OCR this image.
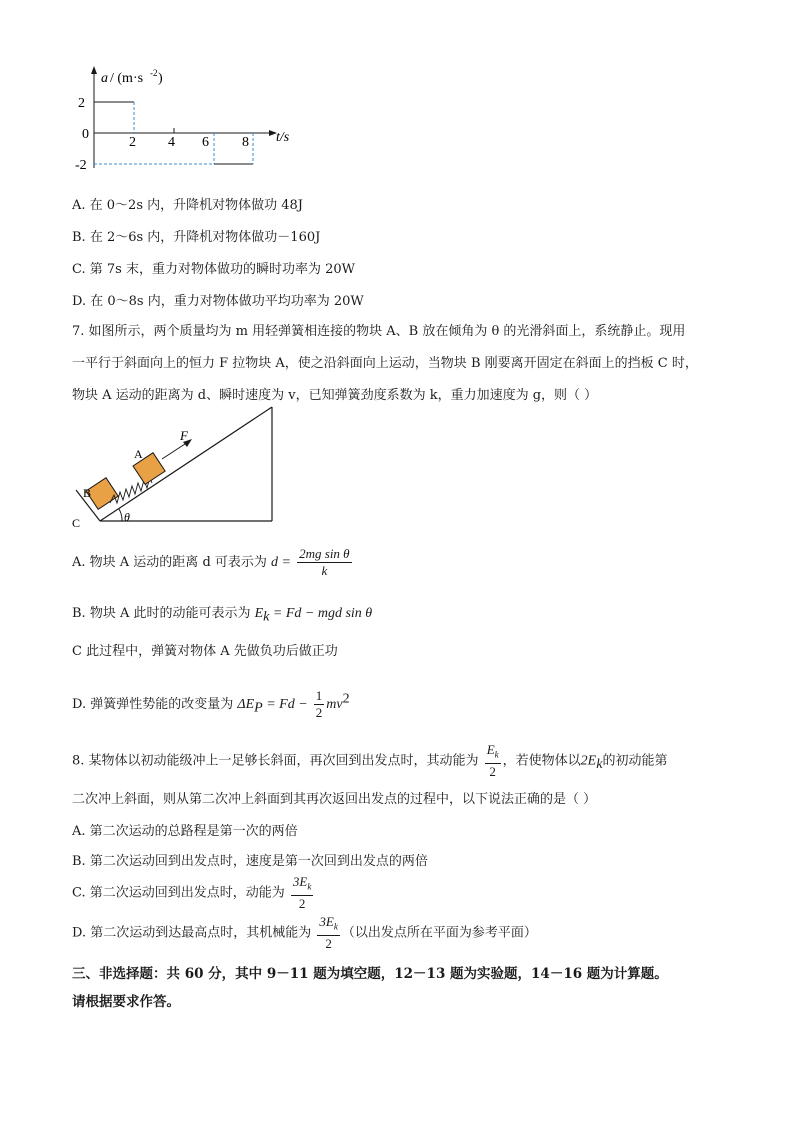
a / (m·s -2 )
2
0
-2
2 4 6 8 t/s
A. 在 0～2s 内，升降机对物体做功 48J
B. 在 2～6s 内，升降机对物体做功－160J
C. 第 7s 末，重力对物体做功的瞬时功率为 20W
D. 在 0～8s 内，重力对物体做功平均功率为 20W
7. 如图所示，两个质量均为 m 用轻弹簧相连接的物块 A、B 放在倾角为 θ 的光滑斜面上，系统静止。现用
一平行于斜面向上的恒力 F 拉物块 A，使之沿斜面向上运动，当物块 B 刚要离开固定在斜面上的挡板 C 时，
物块 A 运动的距离为 d、瞬时速度为 v，已知弹簧劲度系数为 k，重力加速度为 g，则（ ）
F
A
B
C	θ
A. 物块 A 运动的距离 d 可表示为 $d = \frac{\text{2mg sin θ}}{k}$
B. 物块 A 此时的动能可表示为 $E_k = Fd$ − mgd sin θ
C 此过程中，弹簧对物体 A 先做负功后做正功
D. 弹簧弹性势能的改变量为 $\Delta E_P = Fd - \frac{1}{2} mv^2$
8. 某物体以初动能级冲上一足够长斜面，再次回到出发点时，其动能为 $\frac{E_k}{2}$ ，若使物体以$2E_k$的初动能第
二次冲上斜面，则从第二次冲上斜面到其再次返回出发点的过程中，以下说法正确的是（ ）
A. 第二次运动的总路程是第一次的两倍
B. 第二次运动回到出发点时，速度是第一次回到出发点的两倍
C. 第二次运动回到出发点时，动能为 $\frac{3E_k}{2}$
D. 第二次运动到达最高点时，其机械能为 $\frac{3E_k}{2}$ （以出发点所在平面为参考平面）
三、非选择题：共 60 分，其中 9－11 题为填空题，12－13 题为实验题，14－16 题为计算题。
请根据要求作答。
